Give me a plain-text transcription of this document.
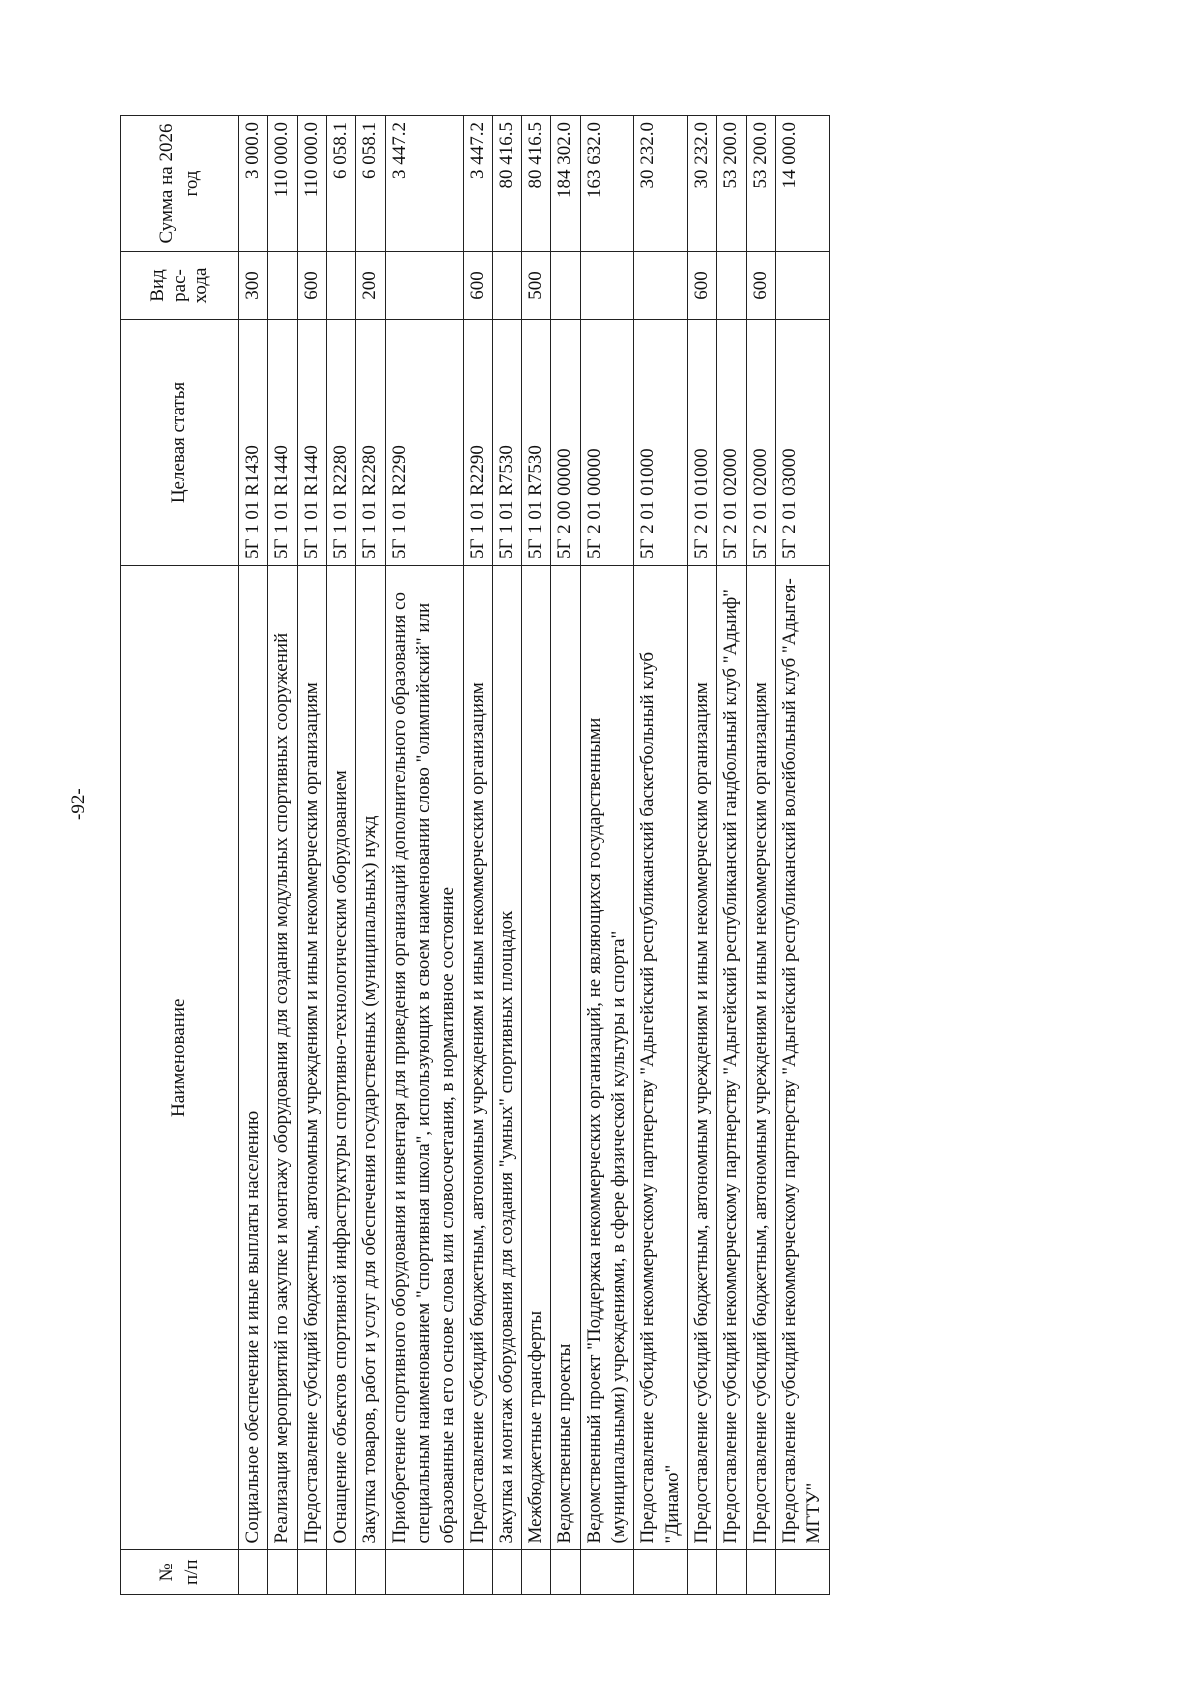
-92-
№ п/п	Наименование	Целевая статья	Вид рас-хода	Сумма на 2026 год
	Социальное обеспечение и иные выплаты населению	5Г 1 01 R1430	300	3 000.0
	Реализация мероприятий по закупке и монтажу оборудования для создания модульных спортивных сооружений	5Г 1 01 R1440		110 000.0
	Предоставление субсидий бюджетным, автономным учреждениям и иным некоммерческим организациям	5Г 1 01 R1440	600	110 000.0
	Оснащение объектов спортивной инфраструктуры спортивно-технологическим оборудованием	5Г 1 01 R2280		6 058.1
	Закупка товаров, работ и услуг для обеспечения государственных (муниципальных) нужд	5Г 1 01 R2280	200	6 058.1
	Приобретение спортивного оборудования и инвентаря для приведения организаций дополнительного образования со специальным наименованием "спортивная школа", использующих в своем наименовании слово "олимпийский" или образованные на его основе слова или словосочетания, в нормативное состояние	5Г 1 01 R2290		3 447.2
	Предоставление субсидий бюджетным, автономным учреждениям и иным некоммерческим организациям	5Г 1 01 R2290	600	3 447.2
	Закупка и монтаж оборудования для создания "умных" спортивных площадок	5Г 1 01 R7530		80 416.5
	Межбюджетные трансферты	5Г 1 01 R7530	500	80 416.5
	Ведомственные проекты	5Г 2 00 00000		184 302.0
	Ведомственный проект "Поддержка некоммерческих организаций, не являющихся государственными (муниципальными) учреждениями, в сфере физической культуры и спорта"	5Г 2 01 00000		163 632.0
	Предоставление субсидий некоммерческому партнерству "Адыгейский республиканский баскетбольный клуб "Динамо"	5Г 2 01 01000		30 232.0
	Предоставление субсидий бюджетным, автономным учреждениям и иным некоммерческим организациям	5Г 2 01 01000	600	30 232.0
	Предоставление субсидий некоммерческому партнерству "Адыгейский республиканский гандбольный клуб "Адыиф"	5Г 2 01 02000		53 200.0
	Предоставление субсидий бюджетным, автономным учреждениям и иным некоммерческим организациям	5Г 2 01 02000	600	53 200.0
	Предоставление субсидий некоммерческому партнерству "Адыгейский республиканский волейбольный клуб "Адыгея-МГТУ"	5Г 2 01 03000		14 000.0
